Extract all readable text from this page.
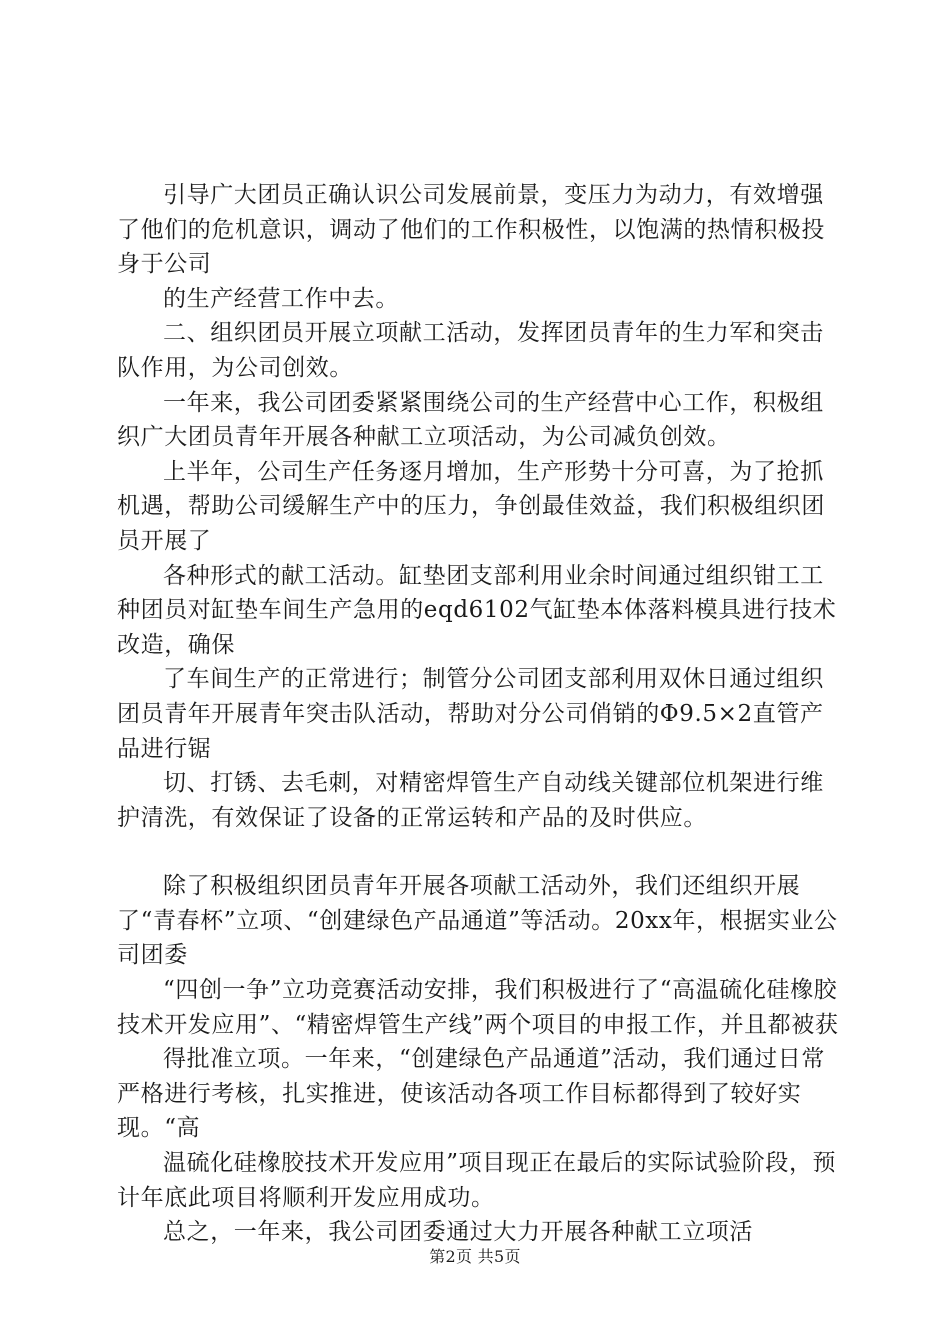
引导广大团员正确认识公司发展前景，变压力为动力，有效增强了他们的危机意识，调动了他们的工作积极性，以饱满的热情积极投身于公司

的生产经营工作中去。

二、组织团员开展立项献工活动，发挥团员青年的生力军和突击队作用，为公司创效。

一年来，我公司团委紧紧围绕公司的生产经营中心工作，积极组织广大团员青年开展各种献工立项活动，为公司减负创效。

上半年，公司生产任务逐月增加，生产形势十分可喜，为了抢抓机遇，帮助公司缓解生产中的压力，争创最佳效益，我们积极组织团员开展了

各种形式的献工活动。缸垫团支部利用业余时间通过组织钳工工种团员对缸垫车间生产急用的eqd6102气缸垫本体落料模具进行技术改造，确保

了车间生产的正常进行；制管分公司团支部利用双休日通过组织团员青年开展青年突击队活动，帮助对分公司俏销的Φ9.5×2直管产品进行锯

切、打锈、去毛刺，对精密焊管生产自动线关键部位机架进行维护清洗，有效保证了设备的正常运转和产品的及时供应。

除了积极组织团员青年开展各项献工活动外，我们还组织开展了“青春杯”立项、“创建绿色产品通道”等活动。20xx年，根据实业公司团委

“四创一争”立功竞赛活动安排，我们积极进行了“高温硫化硅橡胶技术开发应用”、“精密焊管生产线”两个项目的申报工作，并且都被获

得批准立项。一年来，“创建绿色产品通道”活动，我们通过日常严格进行考核，扎实推进，使该活动各项工作目标都得到了较好实现。“高

温硫化硅橡胶技术开发应用”项目现正在最后的实际试验阶段，预计年底此项目将顺利开发应用成功。

总之，一年来，我公司团委通过大力开展各种献工立项活

第2页 共5页
